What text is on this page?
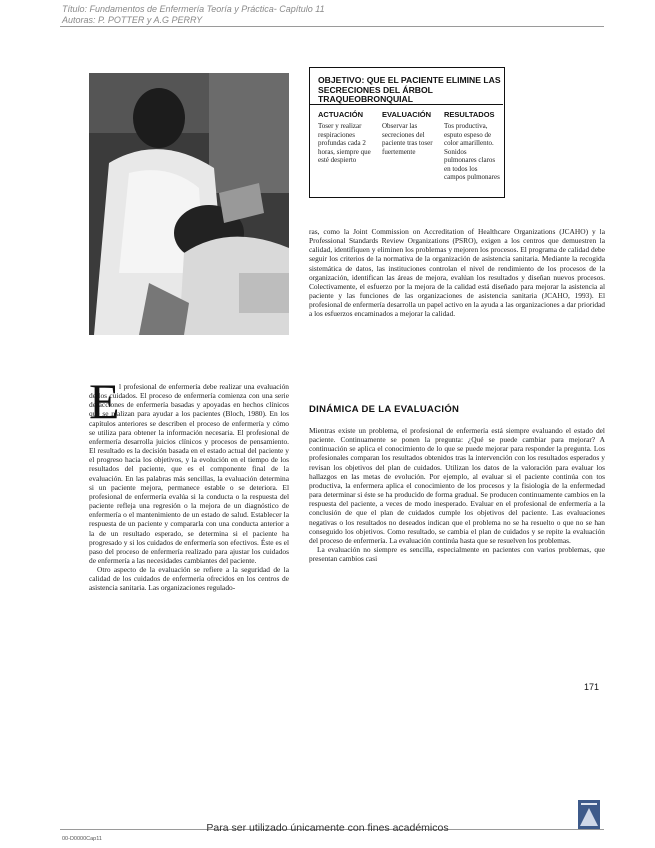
Título: Fundamentos de Enfermería Teoría y Práctica- Capítulo 11
Autoras: P. POTTER y A.G PERRY
OBJETIVO: QUE EL PACIENTE ELIMINE LAS SECRECIONES DEL ÁRBOL TRAQUEOBRONQUIAL
ACTUACIÓN	EVALUACIÓN RESULTADOS
Toser y realizar respiraciones profundas cada 2 horas, siempre que esté despierto
Observar las secreciones del paciente tras toser fuertemente
Tos productiva, esputo espeso de color amarillento. Sonidos pulmonares claros en todos los campos pulmonares
ras, como la Joint Commission on Accreditation of Healthcare Organizations (JCAHO) y la Professional Standards Review Organizations (PSRO), exigen a los centros que demuestren la calidad, identifiquen y eliminen los problemas y mejoren los procesos. El programa de calidad debe seguir los criterios de la normativa de la organización de asistencia sanitaria. Mediante la recogida sistemática de datos, las instituciones controlan el nivel de rendimiento de los procesos de la organización, identifican las áreas de mejora, evalúan los resultados y diseñan nuevos procesos. Colectivamente, el esfuerzo por la mejora de la calidad está diseñado para mejorar la asistencia al paciente y las funciones de las organizaciones de asistencia sanitaria (JCAHO, 1993). El profesional de enfermería desarrolla un papel activo en la ayuda a las organizaciones a dar prioridad a los esfuerzos encaminados a mejorar la calidad.
DINÁMICA DE LA EVALUACIÓN

Mientras existe un problema, el profesional de enfermería está siempre evaluando el estado del paciente. Continuamente se ponen la pregunta: ¿Qué se puede cambiar para mejorar? A continuación se aplica el conocimiento de lo que se puede mejorar para responder la pregunta. Los profesionales comparan los resultados obtenidos tras la intervención con los resultados esperados y revisan los objetivos del plan de cuidados. Utilizan los datos de la valoración para evaluar los hallazgos en las metas de evolución. Por ejemplo, al evaluar si el paciente continúa con tos productiva, la enfermera aplica el conocimiento de los procesos y la fisiología de la enfermedad para determinar si éste se ha producido de forma gradual. Se producen continuamente cambios en la respuesta del paciente, a veces de modo inesperado. Evaluar en el profesional de enfermería a la conclusión de que el plan de cuidados cumple los objetivos del paciente. Las evaluaciones negativas o los resultados no deseados indican que el problema no se ha resuelto o que no se han conseguido los objetivos. Como resultado, se cambia el plan de cuidados y se repite la evaluación del proceso de enfermería. La evaluación continúa hasta que se resuelven los problemas.

La evaluación no siempre es sencilla, especialmente en pacientes con varios problemas, que presentan cambios casi

E l profesional de enfermería debe realizar una evaluación de los cuidados. El proceso de enfermería comienza con una serie de acciones de enfermería basadas y apoyadas en hechos clínicos que se realizan para ayudar a los pacientes (Bloch, 1980). En los capítulos anteriores se describen el proceso de enfermería y cómo se utiliza para obtener la información necesaria. El profesional de enfermería desarrolla juicios clínicos y procesos de pensamiento. El resultado es la decisión basada en el estado actual del paciente y el progreso hacia los objetivos, y la evolución en el tiempo de los resultados del paciente, que es el componente final de la evaluación. En las palabras más sencillas, la evaluación determina si un paciente mejora, permanece estable o se deteriora. El profesional de enfermería evalúa si la conducta o la respuesta del paciente refleja una regresión o la mejora de un diagnóstico de enfermería o el mantenimiento de un estado de salud. Establecer la respuesta de un paciente y compararla con una conducta anterior a la de un resultado esperado, se determina si el paciente ha progresado y si los cuidados de enfermería son efectivos. Éste es el paso del proceso de enfermería realizado para ajustar los cuidados de enfermería a las necesidades cambiantes del paciente.

Otro aspecto de la evaluación se refiere a la seguridad de la calidad de los cuidados de enfermería ofrecidos en los centros de asistencia sanitaria. Las organizaciones regulado-

171
Para ser utilizado únicamente con fines académicos
00-D0000Cap11
